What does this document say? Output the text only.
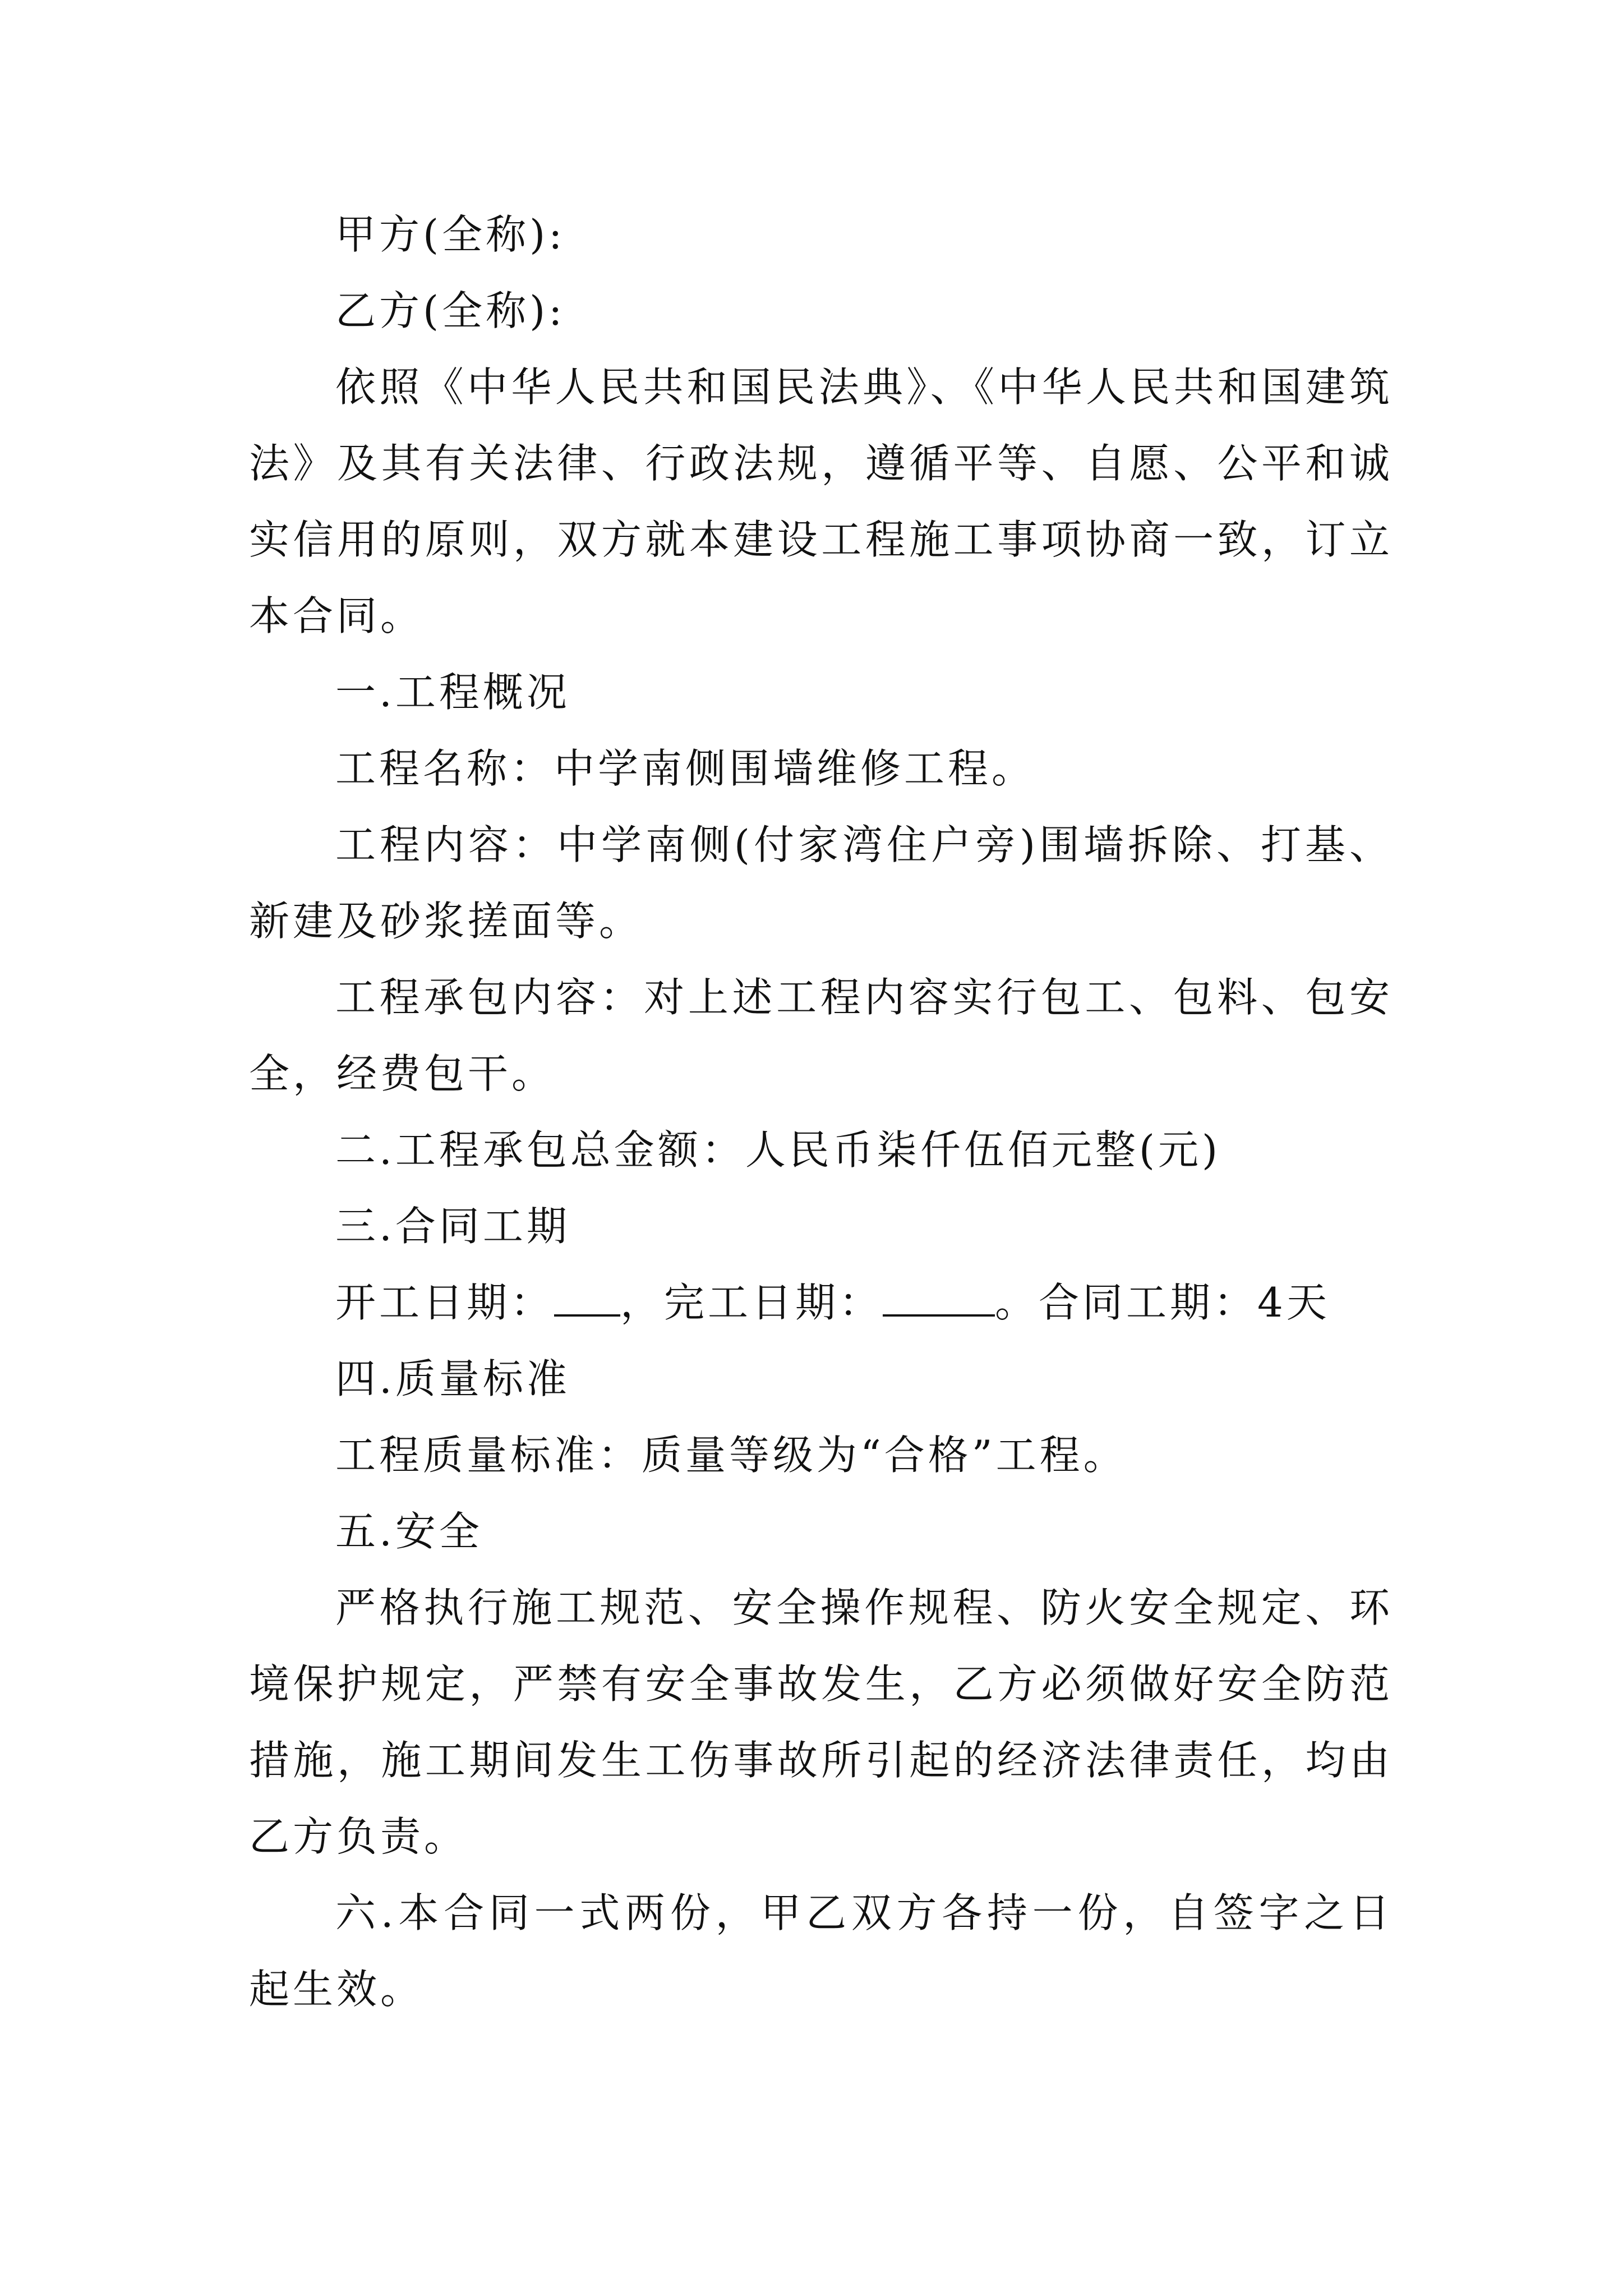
甲方(全称):

乙方(全称):

依照《中华人民共和国民法典》、《中华人民共和国建筑法》及其有关法律、行政法规，遵循平等、自愿、公平和诚实信用的原则，双方就本建设工程施工事项协商一致，订立本合同。

一.工程概况

工程名称：中学南侧围墙维修工程。

工程内容：中学南侧(付家湾住户旁)围墙拆除、打基、新建及砂浆搓面等。

工程承包内容：对上述工程内容实行包工、包料、包安全，经费包干。

二.工程承包总金额：人民币柒仟伍佰元整(元)

三.合同工期

开工日期： ，完工日期：	。合同工期：4天

四.质量标准

工程质量标准：质量等级为“合格”工程。

五.安全

严格执行施工规范、安全操作规程、防火安全规定、环境保护规定，严禁有安全事故发生，乙方必须做好安全防范措施，施工期间发生工伤事故所引起的经济法律责任，均由乙方负责。

六.本合同一式两份，甲乙双方各持一份，自签字之日起生效。
